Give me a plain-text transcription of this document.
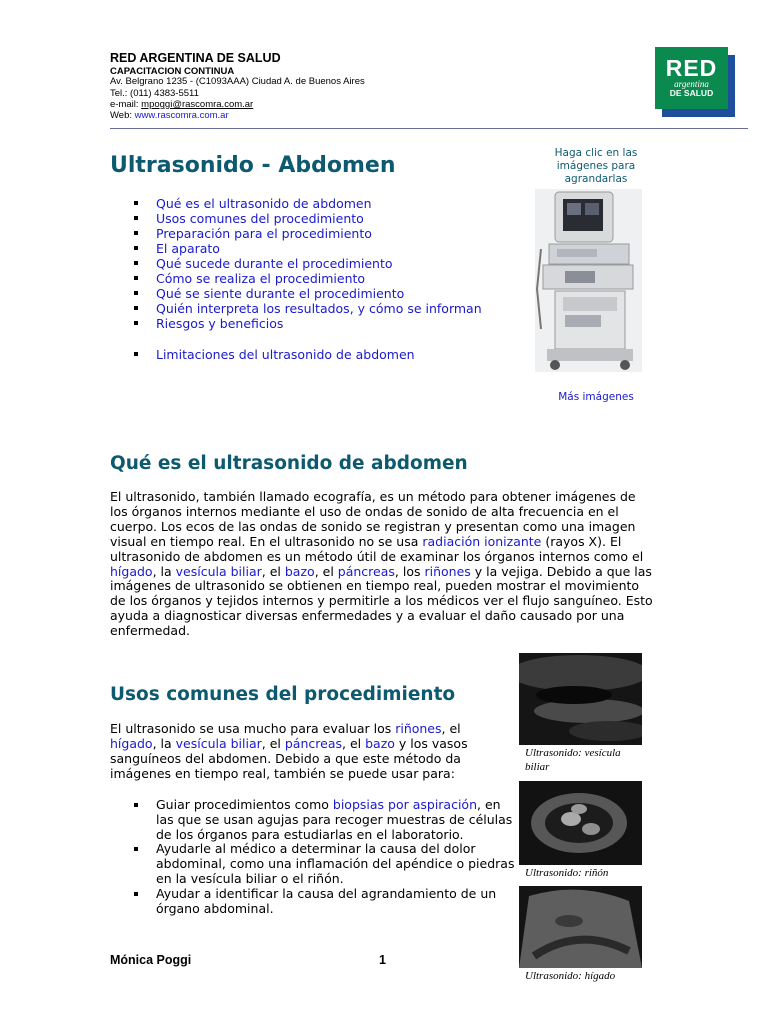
RED ARGENTINA DE SALUD
CAPACITACION CONTINUA
Av. Belgrano 1235 - (C1093AAA) Ciudad A. de Buenos Aires
Tel.: (011) 4383-5511
e-mail: mpoggi@rascomra.com.ar
Web: www.rascomra.com.ar
RED
argentina
DE SALUD
Ultrasonido - Abdomen
Qué es el ultrasonido de abdomen
Usos comunes del procedimiento
Preparación para el procedimiento
El aparato
Qué sucede durante el procedimiento
Cómo se realiza el procedimiento
Qué se siente durante el procedimiento
Quién interpreta los resultados, y cómo se informan
Riesgos y beneficios
Limitaciones del ultrasonido de abdomen
Haga clic en las imágenes para agrandarlas
Más imágenes
Qué es el ultrasonido de abdomen
El ultrasonido, también llamado ecografía, es un método para obtener imágenes de los órganos internos mediante el uso de ondas de sonido de alta frecuencia en el cuerpo. Los ecos de las ondas de sonido se registran y presentan como una imagen visual en tiempo real. En el ultrasonido no se usa radiación ionizante (rayos X). El ultrasonido de abdomen es un método útil de examinar los órganos internos como el hígado, la vesícula biliar, el bazo, el páncreas, los riñones y la vejiga. Debido a que las imágenes de ultrasonido se obtienen en tiempo real, pueden mostrar el movimiento de los órganos y tejidos internos y permitirle a los médicos ver el flujo sanguíneo. Esto ayuda a diagnosticar diversas enfermedades y a evaluar el daño causado por una enfermedad.
Usos comunes del procedimiento
El ultrasonido se usa mucho para evaluar los riñones, el hígado, la vesícula biliar, el páncreas, el bazo y los vasos sanguíneos del abdomen. Debido a que este método da imágenes en tiempo real, también se puede usar para:
Guiar procedimientos como biopsias por aspiración, en las que se usan agujas para recoger muestras de células de los órganos para estudiarlas en el laboratorio.
Ayudarle al médico a determinar la causa del dolor abdominal, como una inflamación del apéndice o piedras en la vesícula biliar o el riñón.
Ayudar a identificar la causa del agrandamiento de un órgano abdominal.
Ultrasonido: vesícula biliar
Ultrasonido: riñón
Ultrasonido: hígado
Mónica Poggi	1
